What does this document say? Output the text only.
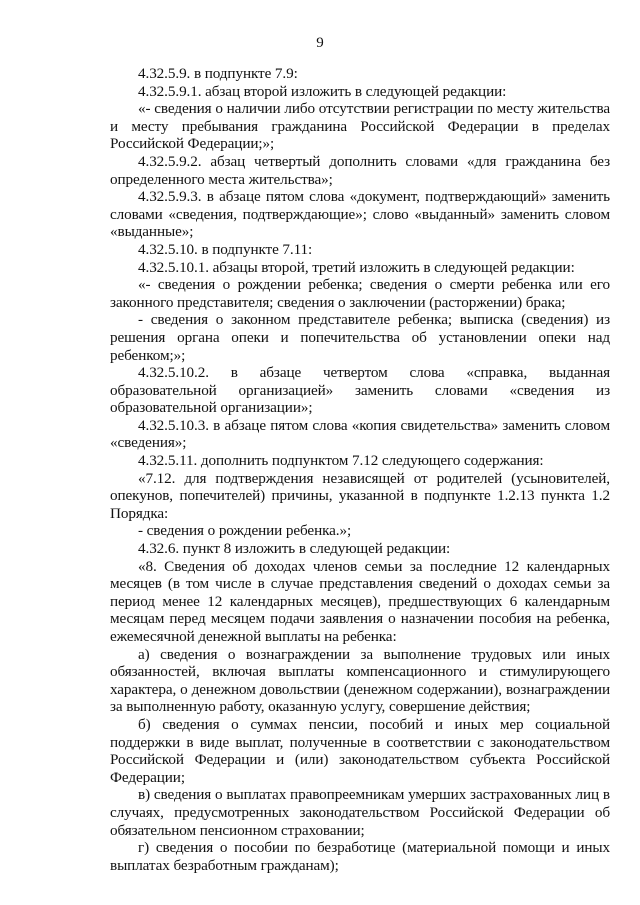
9

4.32.5.9. в подпункте 7.9:

4.32.5.9.1. абзац второй изложить в следующей редакции:

«- сведения о наличии либо отсутствии регистрации по месту жительства и месту пребывания гражданина Российской Федерации в пределах Российской Федерации;»;

4.32.5.9.2. абзац четвертый дополнить словами «для гражданина без определенного места жительства»;

4.32.5.9.3. в абзаце пятом слова «документ, подтверждающий» заменить словами «сведения, подтверждающие»; слово «выданный» заменить словом «выданные»;

4.32.5.10. в подпункте 7.11:

4.32.5.10.1. абзацы второй, третий изложить в следующей редакции:

«- сведения о рождении ребенка; сведения о смерти ребенка или его законного представителя; сведения о заключении (расторжении) брака;

- сведения о законном представителе ребенка; выписка (сведения) из решения органа опеки и попечительства об установлении опеки над ребенком;»;

4.32.5.10.2. в абзаце четвертом слова «справка, выданная образовательной организацией» заменить словами «сведения из образовательной организации»;

4.32.5.10.3. в абзаце пятом слова «копия свидетельства» заменить словом «сведения»;

4.32.5.11. дополнить подпунктом 7.12 следующего содержания:

«7.12. для подтверждения независящей от родителей (усыновителей, опекунов, попечителей) причины, указанной в подпункте 1.2.13 пункта 1.2 Порядка:

- сведения о рождении ребенка.»;

4.32.6. пункт 8 изложить в следующей редакции:

«8. Сведения об доходах членов семьи за последние 12 календарных месяцев (в том числе в случае представления сведений о доходах семьи за период менее 12 календарных месяцев), предшествующих 6 календарным месяцам перед месяцем подачи заявления о назначении пособия на ребенка, ежемесячной денежной выплаты на ребенка:

а) сведения о вознаграждении за выполнение трудовых или иных обязанностей, включая выплаты компенсационного и стимулирующего характера, о денежном довольствии (денежном содержании), вознаграждении за выполненную работу, оказанную услугу, совершение действия;

б) сведения о суммах пенсии, пособий и иных мер социальной поддержки в виде выплат, полученные в соответствии с законодательством Российской Федерации и (или) законодательством субъекта Российской Федерации;

в) сведения о выплатах правопреемникам умерших застрахованных лиц в случаях, предусмотренных законодательством Российской Федерации об обязательном пенсионном страховании;

г) сведения о пособии по безработице (материальной помощи и иных выплатах безработным гражданам);
